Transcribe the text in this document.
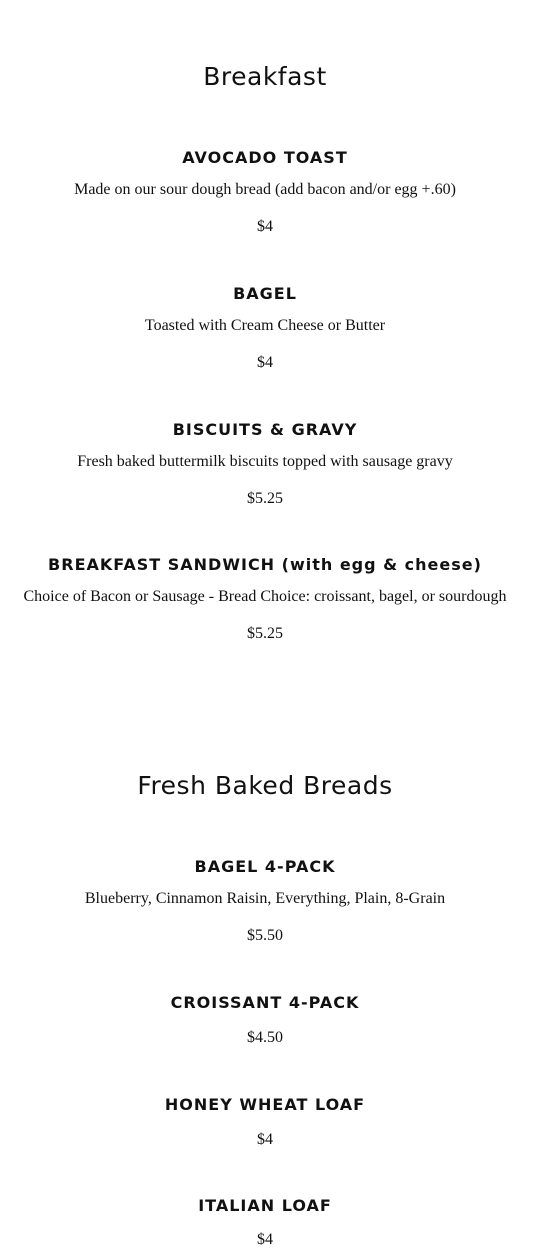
Breakfast
AVOCADO TOAST

Made on our sour dough bread (add bacon and/or egg +.60)

$4

BAGEL

Toasted with Cream Cheese or Butter

$4

BISCUITS & GRAVY

Fresh baked buttermilk biscuits topped with sausage gravy

$5.25

BREAKFAST SANDWICH (with egg & cheese)

Choice of Bacon or Sausage - Bread Choice: croissant, bagel, or sourdough

$5.25

Fresh Baked Breads
BAGEL 4-PACK

Blueberry, Cinnamon Raisin, Everything, Plain, 8-Grain

$5.50

CROISSANT 4-PACK

$4.50

HONEY WHEAT LOAF

$4

ITALIAN LOAF

$4
